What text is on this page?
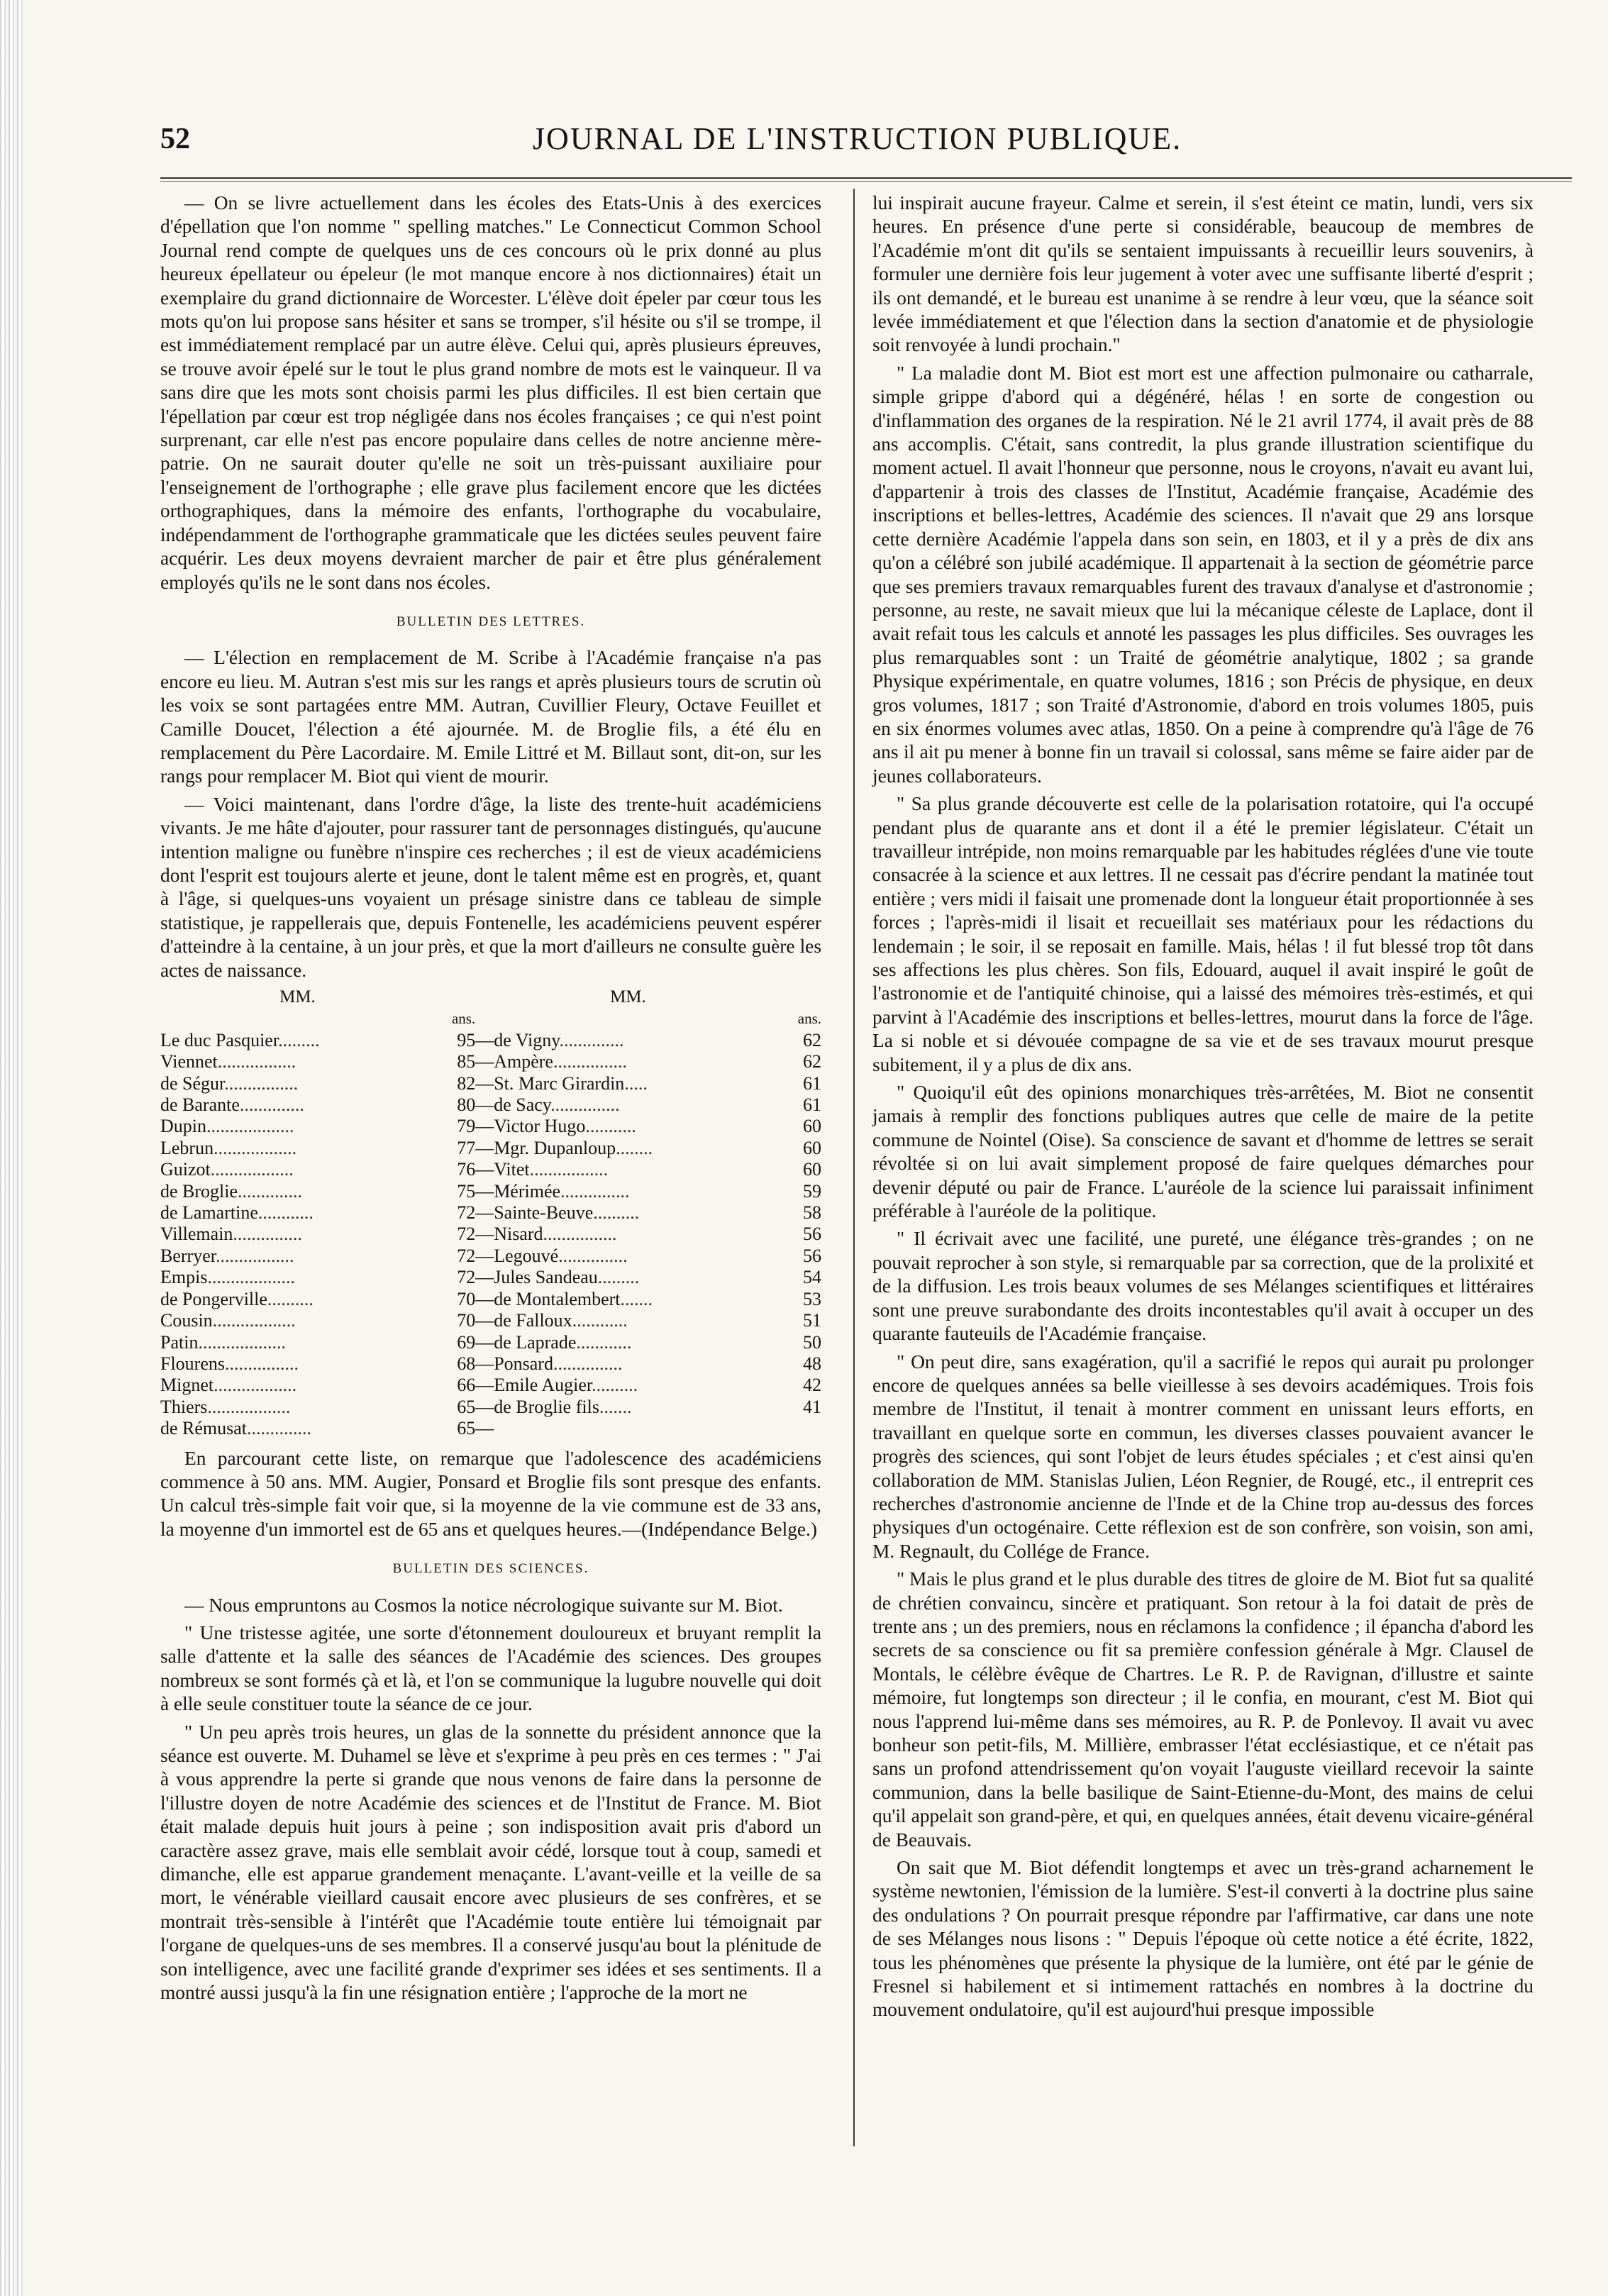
52	JOURNAL DE L'INSTRUCTION PUBLIQUE.

— On se livre actuellement dans les écoles des Etats-Unis à des exercices d'épellation que l'on nomme " spelling matches." Le Connecticut Common School Journal rend compte de quelques uns de ces concours où le prix donné au plus heureux épellateur ou épeleur (le mot manque encore à nos dictionnaires) était un exemplaire du grand dictionnaire de Worcester. L'élève doit épeler par cœur tous les mots qu'on lui propose sans hésiter et sans se tromper, s'il hésite ou s'il se trompe, il est immédiatement remplacé par un autre élève. Celui qui, après plusieurs épreuves, se trouve avoir épelé sur le tout le plus grand nombre de mots est le vainqueur. Il va sans dire que les mots sont choisis parmi les plus difficiles. Il est bien certain que l'épellation par cœur est trop négligée dans nos écoles françaises ; ce qui n'est point surprenant, car elle n'est pas encore populaire dans celles de notre ancienne mère-patrie. On ne saurait douter qu'elle ne soit un très-puissant auxiliaire pour l'enseignement de l'orthographe ; elle grave plus facilement encore que les dictées orthographiques, dans la mémoire des enfants, l'orthographe du vocabulaire, indépendamment de l'orthographe grammaticale que les dictées seules peuvent faire acquérir. Les deux moyens devraient marcher de pair et être plus généralement employés qu'ils ne le sont dans nos écoles.

BULLETIN DES LETTRES.

— L'élection en remplacement de M. Scribe à l'Académie française n'a pas encore eu lieu. M. Autran s'est mis sur les rangs et après plusieurs tours de scrutin où les voix se sont partagées entre MM. Autran, Cuvillier Fleury, Octave Feuillet et Camille Doucet, l'élection a été ajournée. M. de Broglie fils, a été élu en remplacement du Père Lacordaire. M. Emile Littré et M. Billaut sont, dit-on, sur les rangs pour remplacer M. Biot qui vient de mourir.

— Voici maintenant, dans l'ordre d'âge, la liste des trente-huit académiciens vivants. Je me hâte d'ajouter, pour rassurer tant de personnages distingués, qu'aucune intention maligne ou funèbre n'inspire ces recherches ; il est de vieux académiciens dont l'esprit est toujours alerte et jeune, dont le talent même est en progrès, et, quant à l'âge, si quelques-uns voyaient un présage sinistre dans ce tableau de simple statistique, je rappellerais que, depuis Fontenelle, les académiciens peuvent espérer d'atteindre à la centaine, à un jour près, et que la mort d'ailleurs ne consulte guère les actes de naissance.

MM.		MM.	
	ans.		ans.
Le duc Pasquier.........	95	—de Vigny..............	62
Viennet.................	85	—Ampère................	62
de Ségur................	82	—St. Marc Girardin.....	61
de Barante..............	80	—de Sacy...............	61
Dupin...................	79	—Victor Hugo...........	60
Lebrun..................	77	—Mgr. Dupanloup........	60
Guizot..................	76	—Vitet.................	60
de Broglie..............	75	—Mérimée...............	59
de Lamartine............	72	—Sainte-Beuve..........	58
Villemain...............	72	—Nisard................	56
Berryer.................	72	—Legouvé...............	56
Empis...................	72	—Jules Sandeau.........	54
de Pongerville..........	70	—de Montalembert.......	53
Cousin..................	70	—de Falloux............	51
Patin...................	69	—de Laprade............	50
Flourens................	68	—Ponsard...............	48
Mignet..................	66	—Emile Augier..........	42
Thiers..................	65	—de Broglie fils.......	41
de Rémusat..............	65	—	

En parcourant cette liste, on remarque que l'adolescence des académiciens commence à 50 ans. MM. Augier, Ponsard et Broglie fils sont presque des enfants. Un calcul très-simple fait voir que, si la moyenne de la vie commune est de 33 ans, la moyenne d'un immortel est de 65 ans et quelques heures.—(Indépendance Belge.)

BULLETIN DES SCIENCES.

— Nous empruntons au Cosmos la notice nécrologique suivante sur M. Biot.

" Une tristesse agitée, une sorte d'étonnement douloureux et bruyant remplit la salle d'attente et la salle des séances de l'Académie des sciences. Des groupes nombreux se sont formés çà et là, et l'on se communique la lugubre nouvelle qui doit à elle seule constituer toute la séance de ce jour.

" Un peu après trois heures, un glas de la sonnette du président annonce que la séance est ouverte. M. Duhamel se lève et s'exprime à peu près en ces termes : " J'ai à vous apprendre la perte si grande que nous venons de faire dans la personne de l'illustre doyen de notre Académie des sciences et de l'Institut de France. M. Biot était malade depuis huit jours à peine ; son indisposition avait pris d'abord un caractère assez grave, mais elle semblait avoir cédé, lorsque tout à coup, samedi et dimanche, elle est apparue grandement menaçante. L'avant-veille et la veille de sa mort, le vénérable vieillard causait encore avec plusieurs de ses confrères, et se montrait très-sensible à l'intérêt que l'Académie toute entière lui témoignait par l'organe de quelques-uns de ses membres. Il a conservé jusqu'au bout la plénitude de son intelligence, avec une facilité grande d'exprimer ses idées et ses sentiments. Il a montré aussi jusqu'à la fin une résignation entière ; l'approche de la mort ne

lui inspirait aucune frayeur. Calme et serein, il s'est éteint ce matin, lundi, vers six heures. En présence d'une perte si considérable, beaucoup de membres de l'Académie m'ont dit qu'ils se sentaient impuissants à recueillir leurs souvenirs, à formuler une dernière fois leur jugement à voter avec une suffisante liberté d'esprit ; ils ont demandé, et le bureau est unanime à se rendre à leur vœu, que la séance soit levée immédiatement et que l'élection dans la section d'anatomie et de physiologie soit renvoyée à lundi prochain."

" La maladie dont M. Biot est mort est une affection pulmonaire ou catharrale, simple grippe d'abord qui a dégénéré, hélas ! en sorte de congestion ou d'inflammation des organes de la respiration. Né le 21 avril 1774, il avait près de 88 ans accomplis. C'était, sans contredit, la plus grande illustration scientifique du moment actuel. Il avait l'honneur que personne, nous le croyons, n'avait eu avant lui, d'appartenir à trois des classes de l'Institut, Académie française, Académie des inscriptions et belles-lettres, Académie des sciences. Il n'avait que 29 ans lorsque cette dernière Académie l'appela dans son sein, en 1803, et il y a près de dix ans qu'on a célébré son jubilé académique. Il appartenait à la section de géométrie parce que ses premiers travaux remarquables furent des travaux d'analyse et d'astronomie ; personne, au reste, ne savait mieux que lui la mécanique céleste de Laplace, dont il avait refait tous les calculs et annoté les passages les plus difficiles. Ses ouvrages les plus remarquables sont : un Traité de géométrie analytique, 1802 ; sa grande Physique expérimentale, en quatre volumes, 1816 ; son Précis de physique, en deux gros volumes, 1817 ; son Traité d'Astronomie, d'abord en trois volumes 1805, puis en six énormes volumes avec atlas, 1850. On a peine à comprendre qu'à l'âge de 76 ans il ait pu mener à bonne fin un travail si colossal, sans même se faire aider par de jeunes collaborateurs.

" Sa plus grande découverte est celle de la polarisation rotatoire, qui l'a occupé pendant plus de quarante ans et dont il a été le premier législateur. C'était un travailleur intrépide, non moins remarquable par les habitudes réglées d'une vie toute consacrée à la science et aux lettres. Il ne cessait pas d'écrire pendant la matinée tout entière ; vers midi il faisait une promenade dont la longueur était proportionnée à ses forces ; l'après-midi il lisait et recueillait ses matériaux pour les rédactions du lendemain ; le soir, il se reposait en famille. Mais, hélas ! il fut blessé trop tôt dans ses affections les plus chères. Son fils, Edouard, auquel il avait inspiré le goût de l'astronomie et de l'antiquité chinoise, qui a laissé des mémoires très-estimés, et qui parvint à l'Académie des inscriptions et belles-lettres, mourut dans la force de l'âge. La si noble et si dévouée compagne de sa vie et de ses travaux mourut presque subitement, il y a plus de dix ans.

" Quoiqu'il eût des opinions monarchiques très-arrêtées, M. Biot ne consentit jamais à remplir des fonctions publiques autres que celle de maire de la petite commune de Nointel (Oise). Sa conscience de savant et d'homme de lettres se serait révoltée si on lui avait simplement proposé de faire quelques démarches pour devenir député ou pair de France. L'auréole de la science lui paraissait infiniment préférable à l'auréole de la politique.

" Il écrivait avec une facilité, une pureté, une élégance très-grandes ; on ne pouvait reprocher à son style, si remarquable par sa correction, que de la prolixité et de la diffusion. Les trois beaux volumes de ses Mélanges scientifiques et littéraires sont une preuve surabondante des droits incontestables qu'il avait à occuper un des quarante fauteuils de l'Académie française.

" On peut dire, sans exagération, qu'il a sacrifié le repos qui aurait pu prolonger encore de quelques années sa belle vieillesse à ses devoirs académiques. Trois fois membre de l'Institut, il tenait à montrer comment en unissant leurs efforts, en travaillant en quelque sorte en commun, les diverses classes pouvaient avancer le progrès des sciences, qui sont l'objet de leurs études spéciales ; et c'est ainsi qu'en collaboration de MM. Stanislas Julien, Léon Regnier, de Rougé, etc., il entreprit ces recherches d'astronomie ancienne de l'Inde et de la Chine trop au-dessus des forces physiques d'un octogénaire. Cette réflexion est de son confrère, son voisin, son ami, M. Regnault, du Collége de France.

" Mais le plus grand et le plus durable des titres de gloire de M. Biot fut sa qualité de chrétien convaincu, sincère et pratiquant. Son retour à la foi datait de près de trente ans ; un des premiers, nous en réclamons la confidence ; il épancha d'abord les secrets de sa conscience ou fit sa première confession générale à Mgr. Clausel de Montals, le célèbre évêque de Chartres. Le R. P. de Ravignan, d'illustre et sainte mémoire, fut longtemps son directeur ; il le confia, en mourant, c'est M. Biot qui nous l'apprend lui-même dans ses mémoires, au R. P. de Ponlevoy. Il avait vu avec bonheur son petit-fils, M. Millière, embrasser l'état ecclésiastique, et ce n'était pas sans un profond attendrissement qu'on voyait l'auguste vieillard recevoir la sainte communion, dans la belle basilique de Saint-Etienne-du-Mont, des mains de celui qu'il appelait son grand-père, et qui, en quelques années, était devenu vicaire-général de Beauvais.

On sait que M. Biot défendit longtemps et avec un très-grand acharnement le système newtonien, l'émission de la lumière. S'est-il converti à la doctrine plus saine des ondulations ? On pourrait presque répondre par l'affirmative, car dans une note de ses Mélanges nous lisons : " Depuis l'époque où cette notice a été écrite, 1822, tous les phénomènes que présente la physique de la lumière, ont été par le génie de Fresnel si habilement et si intimement rattachés en nombres à la doctrine du mouvement ondulatoire, qu'il est aujourd'hui presque impossible
